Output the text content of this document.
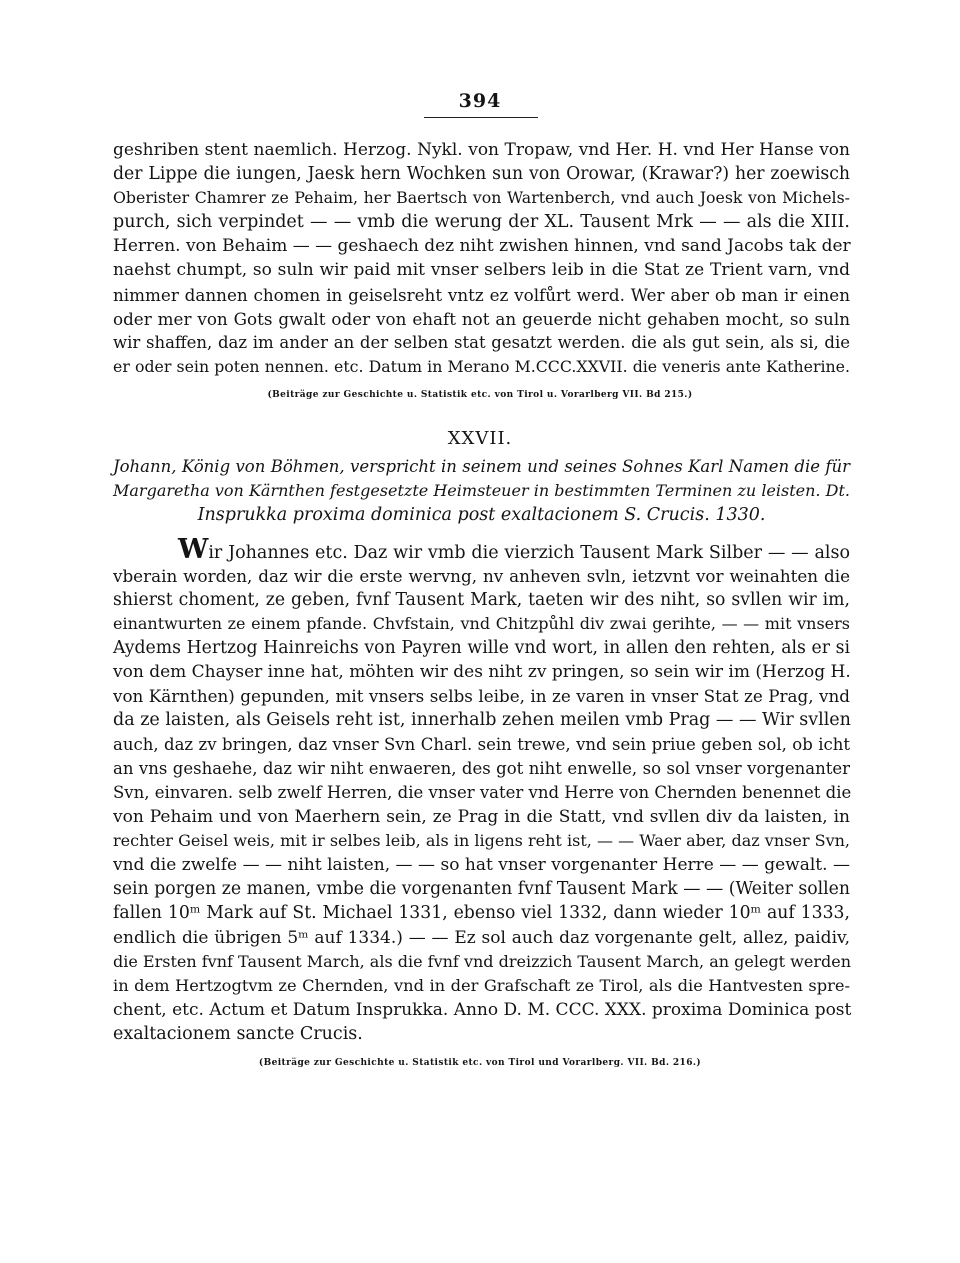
394
geshriben stent naemlich. Herzog. Nykl. von Tropaw, vnd Her. H. vnd Her Hanse von
der Lippe die iungen, Jaesk hern Wochken sun von Orowar, (Krawar?) her zoewisch
Oberister Chamrer ze Pehaim, her Baertsch von Wartenberch, vnd auch Joesk von Michels-
purch, sich verpindet — — vmb die werung der XL. Tausent Mrk — — als die XIII.
Herren. von Behaim — — geshaech dez niht zwishen hinnen, vnd sand Jacobs tak der
naehst chumpt, so suln wir paid mit vnser selbers leib in die Stat ze Trient varn, vnd
nimmer dannen chomen in geiselsreht vntz ez volfůrt werd. Wer aber ob man ir einen
oder mer von Gots gwalt oder von ehaft not an geuerde nicht gehaben mocht, so suln
wir shaffen, daz im ander an der selben stat gesatzt werden. die als gut sein, als si, die
er oder sein poten nennen. etc. Datum in Merano M.CCC.XXVII. die veneris ante Katherine.
(Beiträge zur Geschichte u. Statistik etc. von Tirol u. Vorarlberg VII. Bd 215.)
XXVII.
Johann, König von Böhmen, verspricht in seinem und seines Sohnes Karl Namen die für
Margaretha von Kärnthen festgesetzte Heimsteuer in bestimmten Terminen zu leisten. Dt.
Insprukka proxima dominica post exaltacionem S. Crucis. 1330.
Wir Johannes etc. Daz wir vmb die vierzich Tausent Mark Silber — — also
vberain worden, daz wir die erste wervng, nv anheven svln, ietzvnt vor weinahten die
shierst choment, ze geben, fvnf Tausent Mark, taeten wir des niht, so svllen wir im,
einantwurten ze einem pfande. Chvfstain, vnd Chitzpůhl div zwai gerihte, — — mit vnsers
Aydems Hertzog Hainreichs von Payren wille vnd wort, in allen den rehten, als er si
von dem Chayser inne hat, möhten wir des niht zv pringen, so sein wir im (Herzog H.
von Kärnthen) gepunden, mit vnsers selbs leibe, in ze varen in vnser Stat ze Prag, vnd
da ze laisten, als Geisels reht ist, innerhalb zehen meilen vmb Prag — — Wir svllen
auch, daz zv bringen, daz vnser Svn Charl. sein trewe, vnd sein priue geben sol, ob icht
an vns geshaehe, daz wir niht enwaeren, des got niht enwelle, so sol vnser vorgenanter
Svn, einvaren. selb zwelf Herren, die vnser vater vnd Herre von Chernden benennet die
von Pehaim und von Maerhern sein, ze Prag in die Statt, vnd svllen div da laisten, in
rechter Geisel weis, mit ir selbes leib, als in ligens reht ist, — — Waer aber, daz vnser Svn,
vnd die zwelfe — — niht laisten, — — so hat vnser vorgenanter Herre — — gewalt. —
sein porgen ze manen, vmbe die vorgenanten fvnf Tausent Mark — — (Weiter sollen
fallen 10ᵐ Mark auf St. Michael 1331, ebenso viel 1332, dann wieder 10ᵐ auf 1333,
endlich die übrigen 5ᵐ auf 1334.) — — Ez sol auch daz vorgenante gelt, allez, paidiv,
die Ersten fvnf Tausent March, als die fvnf vnd dreizzich Tausent March, an gelegt werden
in dem Hertzogtvm ze Chernden, vnd in der Grafschaft ze Tirol, als die Hantvesten spre-
chent, etc. Actum et Datum Insprukka. Anno D. M. CCC. XXX. proxima Dominica post
exaltacionem sancte Crucis.
(Beiträge zur Geschichte u. Statistik etc. von Tirol und Vorarlberg. VII. Bd. 216.)
